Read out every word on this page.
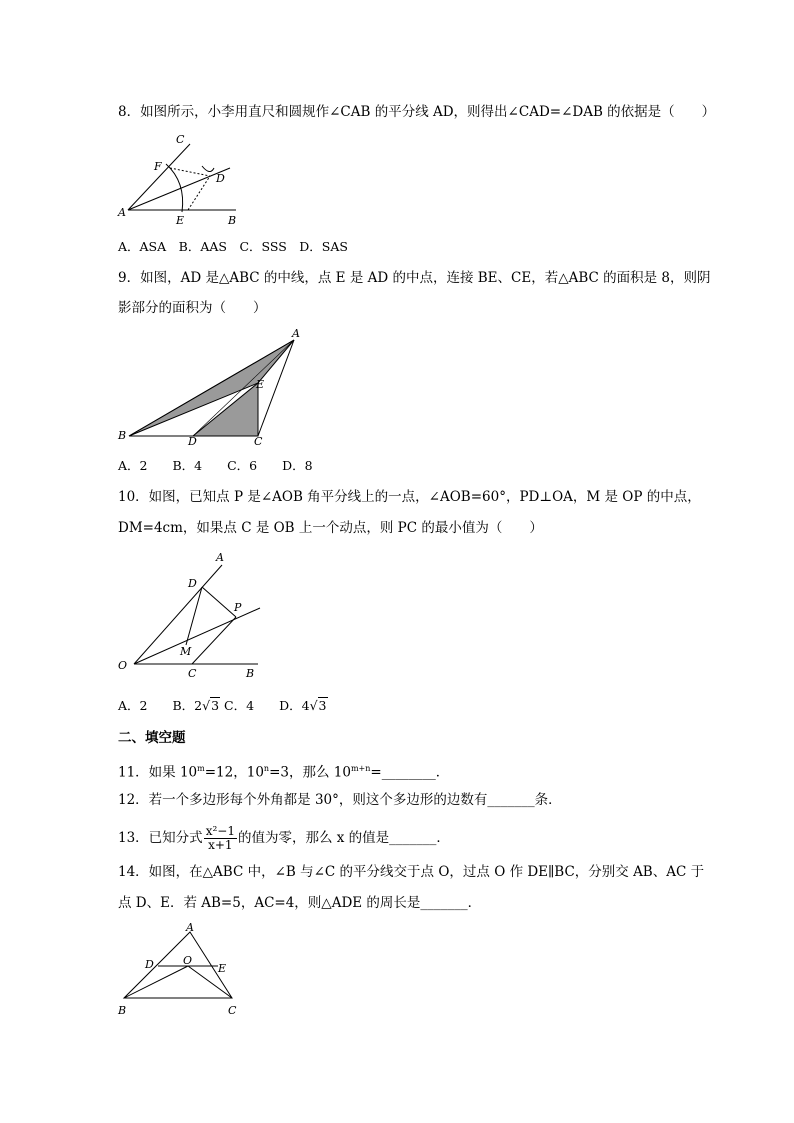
8．如图所示，小李用直尺和圆规作∠CAB 的平分线 AD，则得出∠CAD=∠DAB 的依据是（　　）
C
F
D
A
E	B
A．ASA　B．AAS　C．SSS　D．SAS
9．如图，AD 是△ABC 的中线，点 E 是 AD 的中点，连接 BE、CE，若△ABC 的面积是 8，则阴
影部分的面积为（　　）
A
E
B	D	C
A．2　　B．4　　C．6　　D．8
10．如图，已知点 P 是∠AOB 角平分线上的一点，∠AOB=60°，PD⊥OA，M 是 OP 的中点，
DM=4cm，如果点 C 是 OB 上一个动点，则 PC 的最小值为（　　）
A
D
P
M
O
C	B
A．2　　 B．2√3 C．4　　 D．4√3
二、填空题
11．如果 $10^m=12$，$10^n=3$，那么 $10^{m+n}=\_\_\_\_\_\_\_\_$．
12．若一个多边形每个外角都是 30°，则这个多边形的边数有_______条．
13．已知分式 $\frac{\text{x²−1}}{x+1}$ 的值为零，那么 x 的值是_______．
14．如图，在△ABC 中，∠B 与∠C 的平分线交于点 O，过点 O 作 DE∥BC，分别交 AB、AC 于
点 D、E．若 AB=5，AC=4，则△ADE 的周长是_______．
A
D	O
E
B	C
